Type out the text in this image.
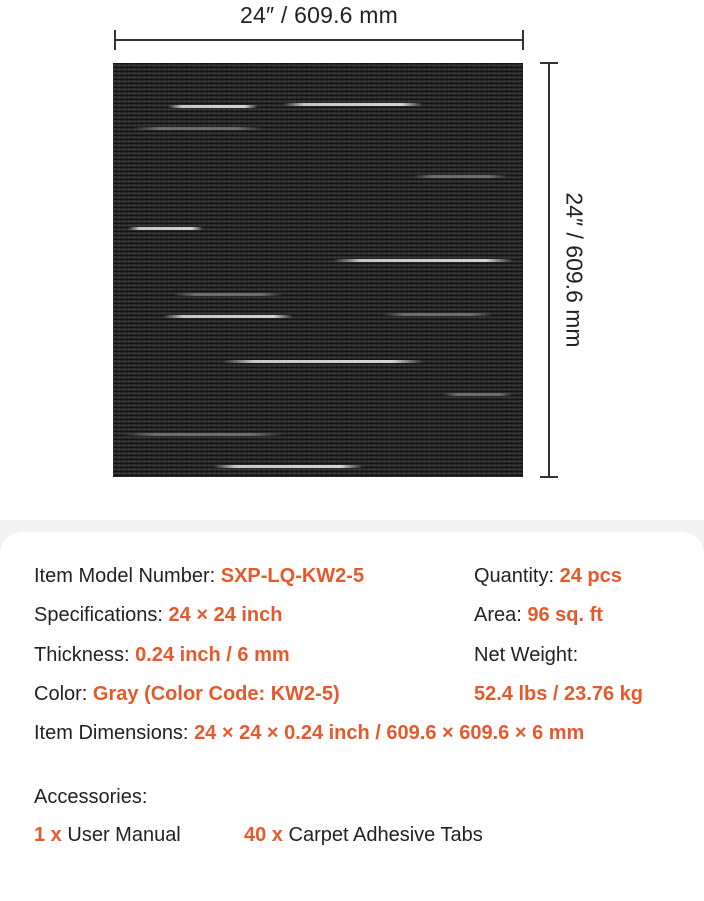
24″ / 609.6 mm
24″ / 609.6 mm
Item Model Number: SXP-LQ-KW2-5	Quantity: 24 pcs
Specifications: 24 × 24 inch	Area: 96 sq. ft
Thickness: 0.24 inch / 6 mm	Net Weight:
Color: Gray (Color Code: KW2-5)	52.4 lbs / 23.76 kg
Item Dimensions: 24 × 24 × 0.24 inch / 609.6 × 609.6 × 6 mm
Accessories:
1 x User Manual	40 x Carpet Adhesive Tabs
